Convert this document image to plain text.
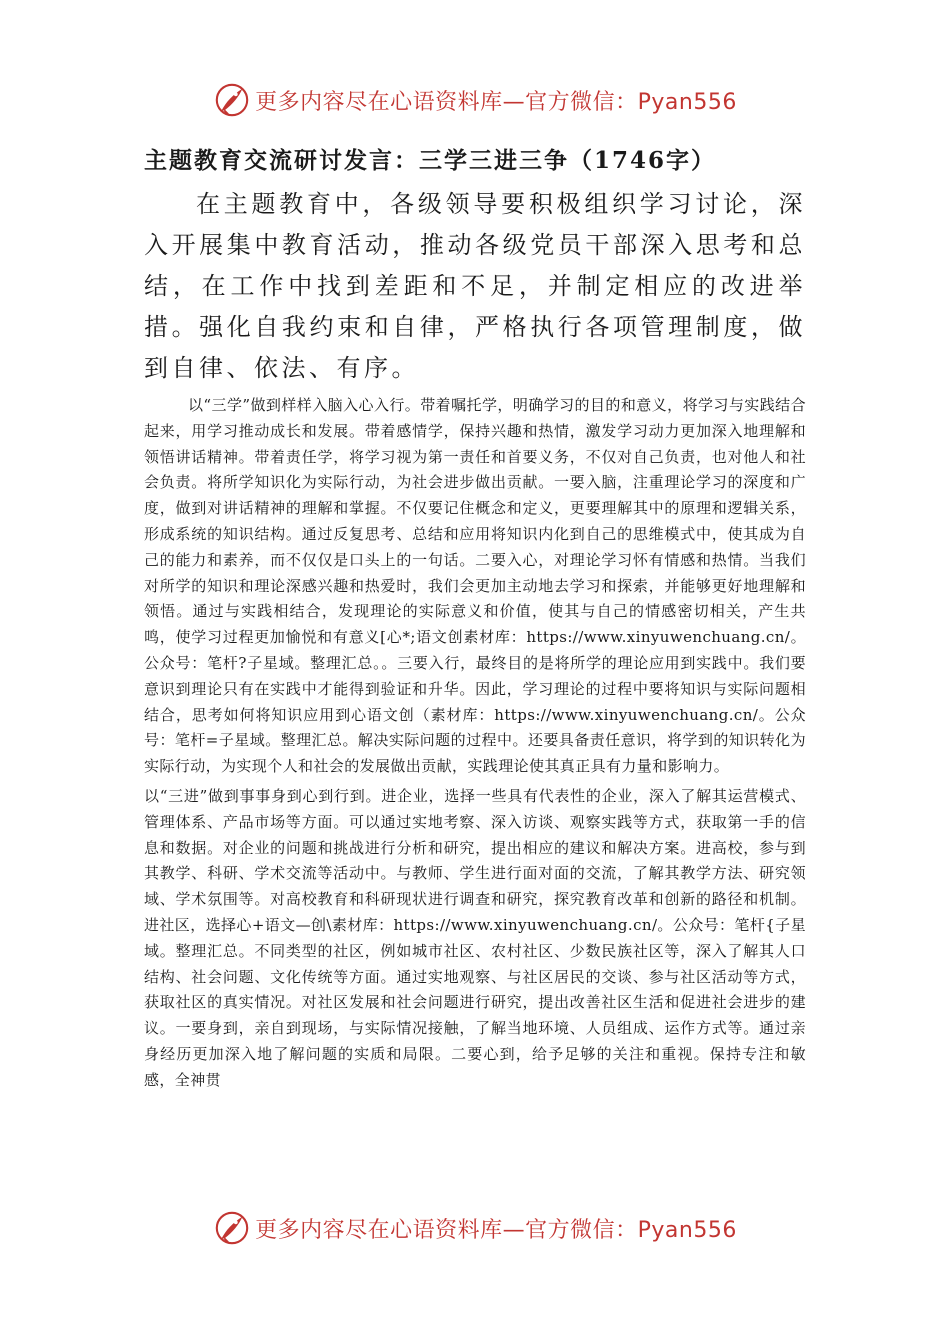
更多内容尽在心语资料库—官方微信：Pyan556
主题教育交流研讨发言：三学三进三争（1746字）

在主题教育中，各级领导要积极组织学习讨论，深入开展集中教育活动，推动各级党员干部深入思考和总结，在工作中找到差距和不足，并制定相应的改进举措。强化自我约束和自律，严格执行各项管理制度，做到自律、依法、有序。

以“三学”做到样样入脑入心入行。带着嘱托学，明确学习的目的和意义，将学习与实践结合起来，用学习推动成长和发展。带着感情学，保持兴趣和热情，激发学习动力更加深入地理解和领悟讲话精神。带着责任学，将学习视为第一责任和首要义务，不仅对自己负责，也对他人和社会负责。将所学知识化为实际行动，为社会进步做出贡献。一要入脑，注重理论学习的深度和广度，做到对讲话精神的理解和掌握。不仅要记住概念和定义，更要理解其中的原理和逻辑关系，形成系统的知识结构。通过反复思考、总结和应用将知识内化到自己的思维模式中，使其成为自己的能力和素养，而不仅仅是口头上的一句话。二要入心，对理论学习怀有情感和热情。当我们对所学的知识和理论深感兴趣和热爱时，我们会更加主动地去学习和探索，并能够更好地理解和领悟。通过与实践相结合，发现理论的实际意义和价值，使其与自己的情感密切相关，产生共鸣，使学习过程更加愉悦和有意义[心*;语文创素材库：https://www.xinyuwenchuang.cn/。公众号：笔杆?子星域。整理汇总。。三要入行，最终目的是将所学的理论应用到实践中。我们要意识到理论只有在实践中才能得到验证和升华。因此，学习理论的过程中要将知识与实际问题相结合，思考如何将知识应用到心语文创（素材库：https://www.xinyuwenchuang.cn/。公众号：笔杆=子星域。整理汇总。解决实际问题的过程中。还要具备责任意识，将学到的知识转化为实际行动，为实现个人和社会的发展做出贡献，实践理论使其真正具有力量和影响力。

以“三进”做到事事身到心到行到。进企业，选择一些具有代表性的企业，深入了解其运营模式、管理体系、产品市场等方面。可以通过实地考察、深入访谈、观察实践等方式，获取第一手的信息和数据。对企业的问题和挑战进行分析和研究，提出相应的建议和解决方案。进高校，参与到其教学、科研、学术交流等活动中。与教师、学生进行面对面的交流，了解其教学方法、研究领域、学术氛围等。对高校教育和科研现状进行调查和研究，探究教育改革和创新的路径和机制。进社区，选择心+语文—创\素材库：https://www.xinyuwenchuang.cn/。公众号：笔杆{子星域。整理汇总。不同类型的社区，例如城市社区、农村社区、少数民族社区等，深入了解其人口结构、社会问题、文化传统等方面。通过实地观察、与社区居民的交谈、参与社区活动等方式，获取社区的真实情况。对社区发展和社会问题进行研究，提出改善社区生活和促进社会进步的建议。一要身到，亲自到现场，与实际情况接触，了解当地环境、人员组成、运作方式等。通过亲身经历更加深入地了解问题的实质和局限。二要心到，给予足够的关注和重视。保持专注和敏感，全神贯

更多内容尽在心语资料库—官方微信：Pyan556
